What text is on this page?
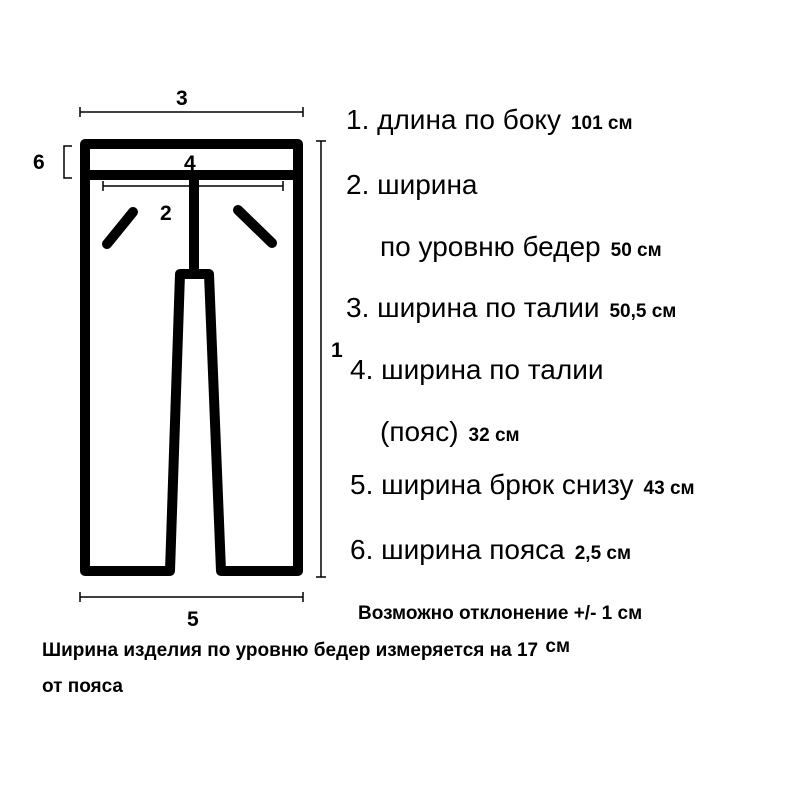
3
4
6
2
1
5
1. длина по боку 101 см
2. ширина
по уровню бедер 50 см
3. ширина по талии 50,5 см
4. ширина по талии
(пояс) 32 см
5. ширина брюк снизу 43 см
6. ширина пояса 2,5 см
Возможно отклонение +/- 1 см
Ширина изделия по уровню бедер измеряется на 17 см
от пояса
